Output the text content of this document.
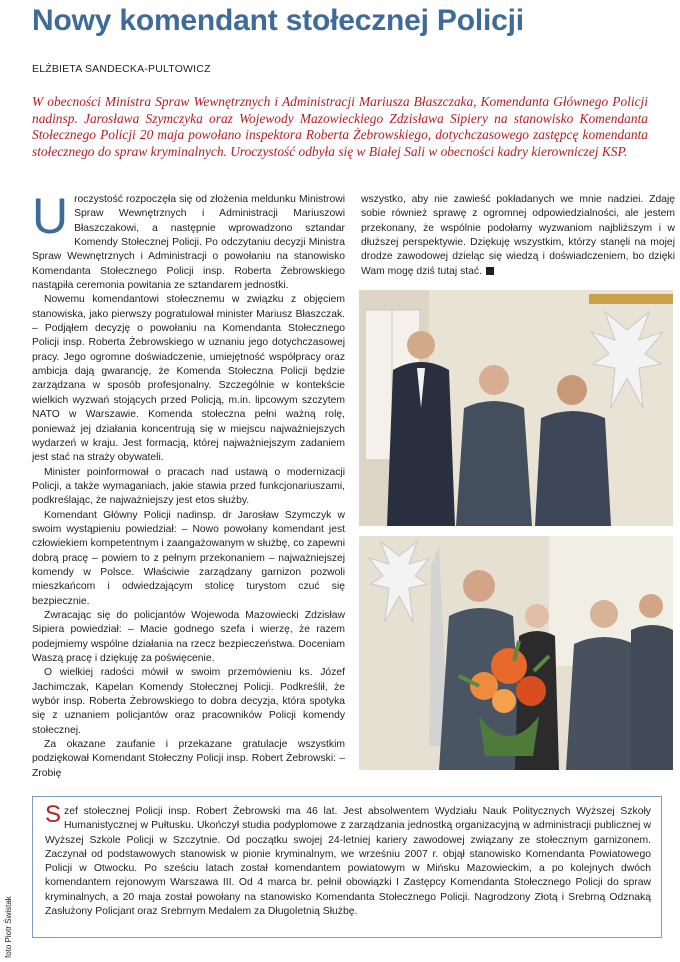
Nowy komendant stołecznej Policji
ELŻBIETA SANDECKA-PULTOWICZ

W obecności Ministra Spraw Wewnętrznych i Administracji Mariusza Błaszczaka, Komendanta Głównego Policji nadinsp. Jarosława Szymczyka oraz Wojewody Mazowieckiego Zdzisława Sipiery na stanowisko Komendanta Stołecznego Policji 20 maja powołano inspektora Roberta Żebrowskiego, dotychczasowego zastępcę komendanta stołecznego do spraw kryminalnych. Uroczystość odbyła się w Białej Sali w obecności kadry kierowniczej KSP.

Uroczystość rozpoczęła się od złożenia meldunku Ministrowi Spraw Wewnętrznych i Administracji Mariuszowi Błaszczakowi, a następnie wprowadzono sztandar Komendy Stołecznej Policji. Po odczytaniu decyzji Ministra Spraw Wewnętrznych i Administracji o powołaniu na stanowisko Komendanta Stołecznego Policji insp. Roberta Żebrowskiego nastąpiła ceremonia powitania ze sztandarem jednostki.

Nowemu komendantowi stołecznemu w związku z objęciem stanowiska, jako pierwszy pogratulował minister Mariusz Błaszczak. – Podjąłem decyzję o powołaniu na Komendanta Stołecznego Policji insp. Roberta Żebrowskiego w uznaniu jego dotychczasowej pracy. Jego ogromne doświadczenie, umiejętność współpracy oraz ambicja dają gwarancję, że Komenda Stołeczna Policji będzie zarządzana w sposób profesjonalny. Szczególnie w kontekście wielkich wyzwań stojących przed Policją, m.in. lipcowym szczytem NATO w Warszawie. Komenda stołeczna pełni ważną rolę, ponieważ jej działania koncentrują się w miejscu najważniejszych wydarzeń w kraju. Jest formacją, której najważniejszym zadaniem jest stać na straży obywateli.

Minister poinformował o pracach nad ustawą o modernizacji Policji, a także wymaganiach, jakie stawia przed funkcjonariuszami, podkreślając, że najważniejszy jest etos służby.

Komendant Główny Policji nadinsp. dr Jarosław Szymczyk w swoim wystąpieniu powiedział: – Nowo powołany komendant jest człowiekiem kompetentnym i zaangażowanym w służbę, co zapewni dobrą pracę – powiem to z pełnym przekonaniem – najważniejszej komendy w Polsce. Właściwie zarządzany garnizon pozwoli mieszkańcom i odwiedzającym stolicę turystom czuć się bezpiecznie.

Zwracając się do policjantów Wojewoda Mazowiecki Zdzisław Sipiera powiedział: – Macie godnego szefa i wierzę, że razem podejmiemy wspólne działania na rzecz bezpieczeństwa. Doceniam Waszą pracę i dziękuję za poświęcenie.

O wielkiej radości mówił w swoim przemówieniu ks. Józef Jachimczak, Kapelan Komendy Stołecznej Policji. Podkreślił, że wybór insp. Roberta Żebrowskiego to dobra decyzja, która spotyka się z uznaniem policjantów oraz pracowników Policji komendy stołecznej.

Za okazane zaufanie i przekazane gratulacje wszystkim podziękował Komendant Stołeczny Policji insp. Robert Żebrowski: – Zrobię

wszystko, aby nie zawieść pokładanych we mnie nadziei. Zdaję sobie również sprawę z ogromnej odpowiedzialności, ale jestem przekonany, że wspólnie podołamy wyzwaniom najbliższym i w dłuższej perspektywie. Dziękuję wszystkim, którzy stanęli na mojej drodze zawodowej dzieląc się wiedzą i doświadczeniem, bo dzięki Wam mogę dziś tutaj stać.

Szef stołecznej Policji insp. Robert Żebrowski ma 46 lat. Jest absolwentem Wydziału Nauk Politycznych Wyższej Szkoły Humanistycznej w Pułtusku. Ukończył studia podyplomowe z zarządzania jednostką organizacyjną w administracji publicznej w Wyższej Szkole Policji w Szczytnie. Od początku swojej 24-letniej kariery zawodowej związany ze stołecznym garnizonem. Zaczynał od podstawowych stanowisk w pionie kryminalnym, we wrześniu 2007 r. objął stanowisko Komendanta Powiatowego Policji w Otwocku. Po sześciu latach został komendantem powiatowym w Mińsku Mazowieckim, a po kolejnych dwóch komendantem rejonowym Warszawa III. Od 4 marca br. pełnił obowiązki I Zastępcy Komendanta Stołecznego Policji do spraw kryminalnych, a 20 maja został powołany na stanowisko Komendanta Stołecznego Policji. Nagrodzony Złotą i Srebrną Odznaką Zasłużony Policjant oraz Srebrnym Medalem za Długoletnią Służbę.

foto Piotr Świstak
